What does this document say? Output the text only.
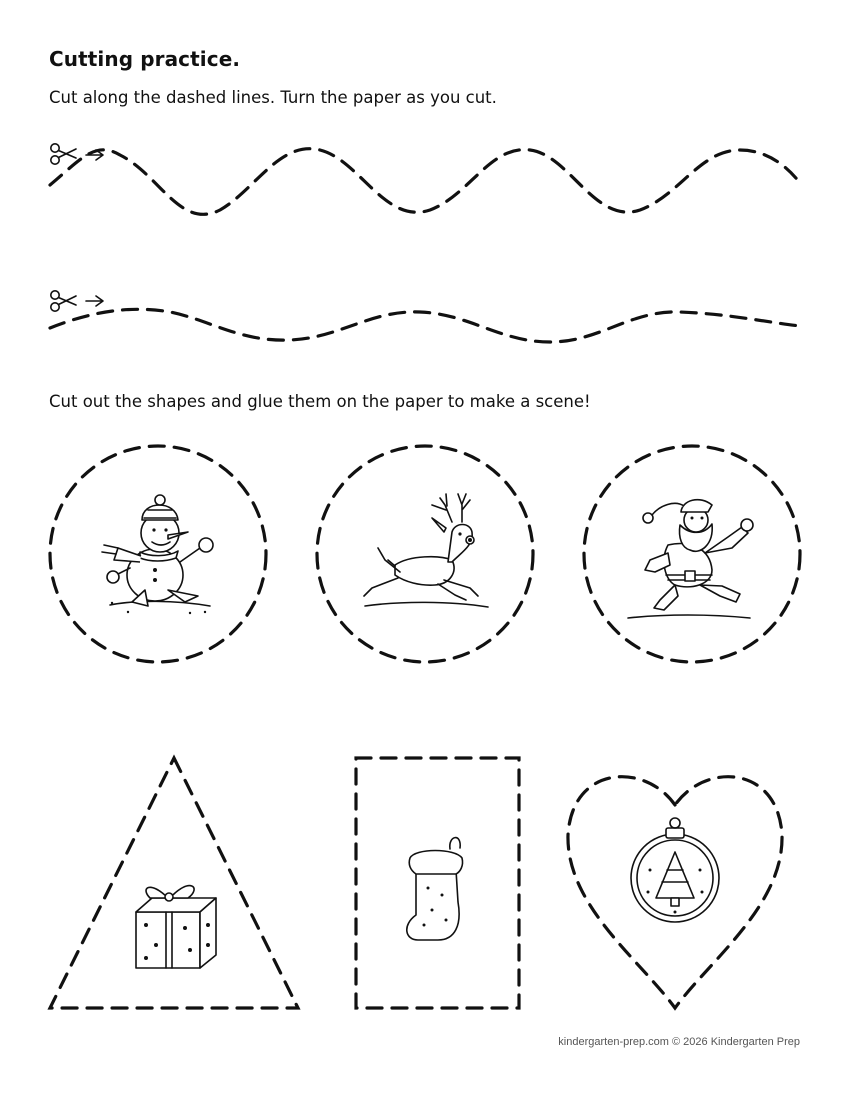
Cutting practice.
Cut along the dashed lines. Turn the paper as you cut.
Cut out the shapes and glue them on the paper to make a scene!
kindergarten-prep.com © 2026 Kindergarten Prep
